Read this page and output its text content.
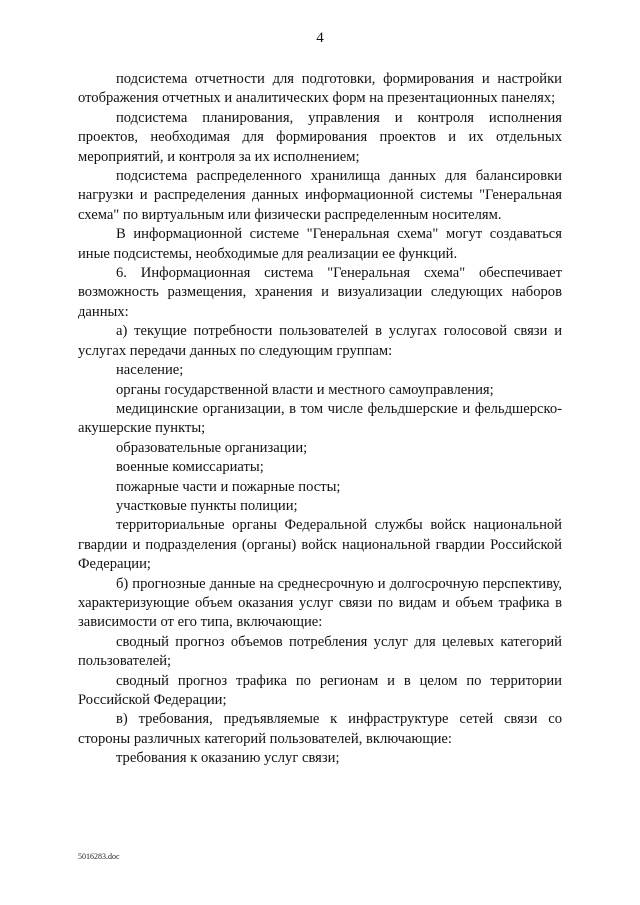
4

подсистема отчетности для подготовки, формирования и настройки отображения отчетных и аналитических форм на презентационных панелях;

подсистема планирования, управления и контроля исполнения проектов, необходимая для формирования проектов и их отдельных мероприятий, и контроля за их исполнением;

подсистема распределенного хранилища данных для балансировки нагрузки и распределения данных информационной системы "Генеральная схема" по виртуальным или физически распределенным носителям.

В информационной системе "Генеральная схема" могут создаваться иные подсистемы, необходимые для реализации ее функций.

6. Информационная система "Генеральная схема" обеспечивает возможность размещения, хранения и визуализации следующих наборов данных:

а) текущие потребности пользователей в услугах голосовой связи и услугах передачи данных по следующим группам:

население;

органы государственной власти и местного самоуправления;

медицинские организации, в том числе фельдшерские и фельдшерско-акушерские пункты;

образовательные организации;

военные комиссариаты;

пожарные части и пожарные посты;

участковые пункты полиции;

территориальные органы Федеральной службы войск национальной гвардии и подразделения (органы) войск национальной гвардии Российской Федерации;

б) прогнозные данные на среднесрочную и долгосрочную перспективу, характеризующие объем оказания услуг связи по видам и объем трафика в зависимости от его типа, включающие:

сводный прогноз объемов потребления услуг для целевых категорий пользователей;

сводный прогноз трафика по регионам и в целом по территории Российской Федерации;

в) требования, предъявляемые к инфраструктуре сетей связи со стороны различных категорий пользователей, включающие:

требования к оказанию услуг связи;

5016283.doc
